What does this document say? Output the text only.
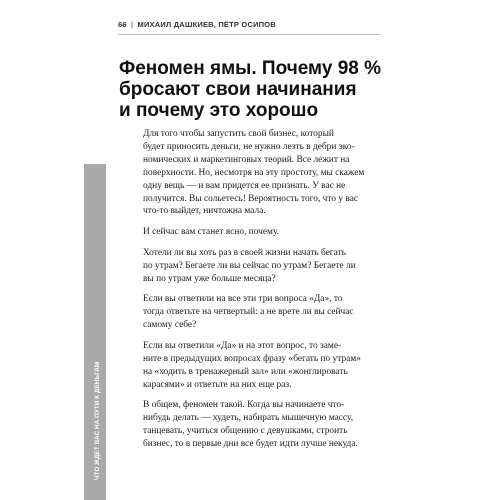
66 | МИХАИЛ ДАШКИЕВ, ПЁТР ОСИПОВ
ЧТО ЖДЕТ ВАС НА ПУТИ К ДЕНЬГАМ
Феномен ямы. Почему 98 %
бросают свои начинания
и почему это хорошо

Для того чтобы запустить свой бизнес, который
будет приносить деньги, не нужно лезть в дебри эко-
номических и маркетинговых теорий. Все лежит на
поверхности. Но, несмотря на эту простоту, мы скажем
одну вещь — и вам придется ее признать. У вас не
получится. Вы сольетесь! Вероятность того, что у вас
что-то выйдет, ничтожна мала.

И сейчас вам станет ясно, почему.

Хотели ли вы хоть раз в своей жизни начать бегать
по утрам? Бегаете ли вы сейчас по утрам? Бегаете ли
вы по утрам уже больше месяца?

Если вы ответили на все эти три вопроса «Да», то
тогда ответьте на четвертый: а не врете ли вы сейчас
самому себе?

Если вы ответили «Да» и на этот вопрос, то заме-
ните в предыдущих вопросах фразу «бегать по утрам»
на «ходить в тренажерный зал» или «жонглировать
карасями» и ответьте на них еще раз.

В общем, феномен такой. Когда вы начинаете что-
нибудь делать — худеть, набирать мышечную массу,
танцевать, учиться общению с девушками, строить
бизнес, то в первые дни все будет идти лучше некуда.
